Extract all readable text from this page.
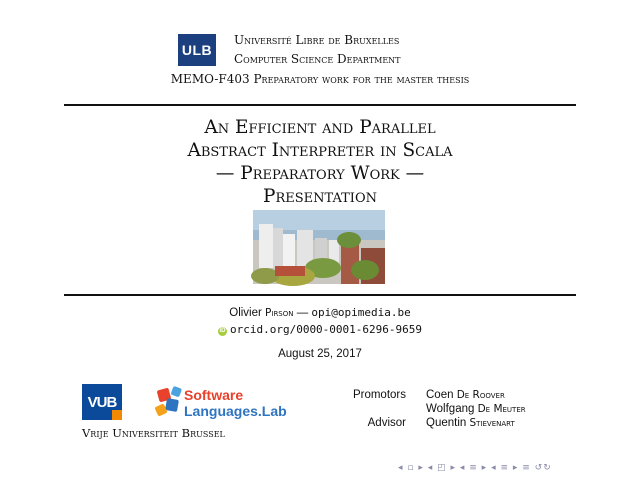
ULB
Université Libre de Bruxelles
Computer Science Department
MEMO-F403 Preparatory work for the master thesis
An Efficient and Parallel
Abstract Interpreter in Scala
— Preparatory Work —
Presentation
Olivier Pirson — opi@opimedia.be
iD orcid.org/0000-0001-6296-9659
August 25, 2017
VUB	Software
Languages.Lab
Vrije Universiteit Brussel
Promotors Coen De Roover
Wolfgang De Meuter
Advisor Quentin Stievenart
◂ ▫ ▸ ◂ ◰ ▸ ◂ ≡ ▸ ◂ ≡ ▸ ≡ ↺↻
